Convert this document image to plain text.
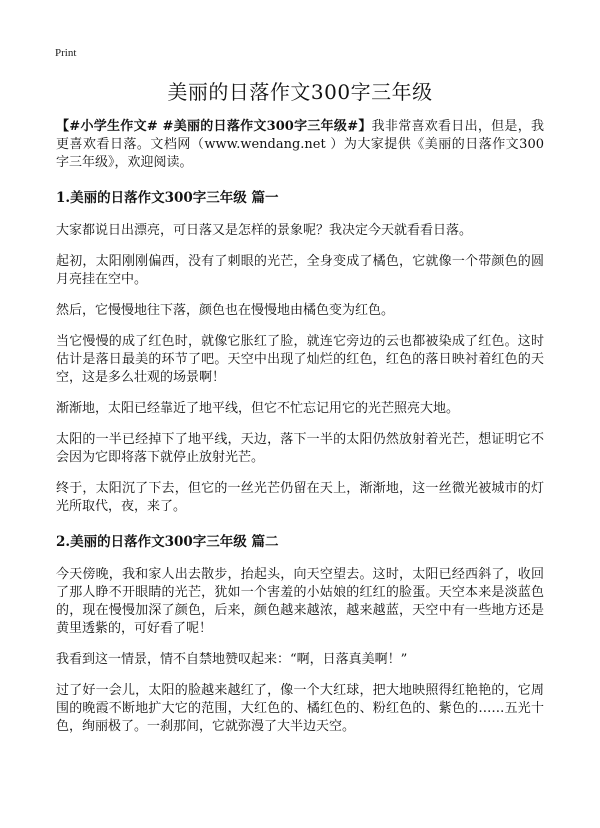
Print
美丽的日落作文300字三年级

【#小学生作文# #美丽的日落作文300字三年级#】我非常喜欢看日出，但是，我更喜欢看日落。文档网（www.wendang.net ）为大家提供《美丽的日落作文300字三年级》，欢迎阅读。

1.美丽的日落作文300字三年级 篇一

大家都说日出漂亮，可日落又是怎样的景象呢？我决定今天就看看日落。

起初，太阳刚刚偏西，没有了刺眼的光芒，全身变成了橘色，它就像一个带颜色的圆月亮挂在空中。

然后，它慢慢地往下落，颜色也在慢慢地由橘色变为红色。

当它慢慢的成了红色时，就像它胀红了脸，就连它旁边的云也都被染成了红色。这时估计是落日最美的环节了吧。天空中出现了灿烂的红色，红色的落日映衬着红色的天空，这是多么壮观的场景啊！

渐渐地，太阳已经靠近了地平线，但它不忙忘记用它的光芒照亮大地。

太阳的一半已经掉下了地平线，天边，落下一半的太阳仍然放射着光芒，想证明它不会因为它即将落下就停止放射光芒。

终于，太阳沉了下去，但它的一丝光芒仍留在天上，渐渐地，这一丝微光被城市的灯光所取代，夜，来了。

2.美丽的日落作文300字三年级 篇二

今天傍晚，我和家人出去散步，抬起头，向天空望去。这时，太阳已经西斜了，收回了那人睁不开眼睛的光芒，犹如一个害羞的小姑娘的红红的脸蛋。天空本来是淡蓝色的，现在慢慢加深了颜色，后来，颜色越来越浓，越来越蓝，天空中有一些地方还是黄里透紫的，可好看了呢！

我看到这一情景，情不自禁地赞叹起来：“啊，日落真美啊！”

过了好一会儿，太阳的脸越来越红了，像一个大红球，把大地映照得红艳艳的，它周围的晚霞不断地扩大它的范围，大红色的、橘红色的、粉红色的、紫色的……五光十色，绚丽极了。一刹那间，它就弥漫了大半边天空。
